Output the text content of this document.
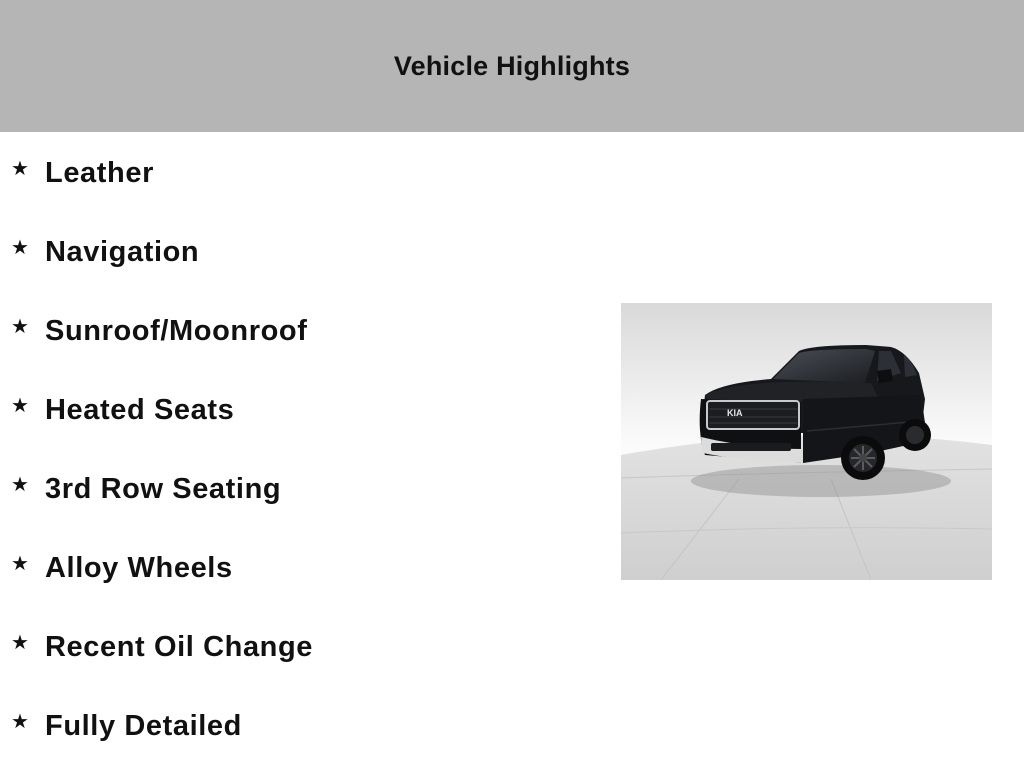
Vehicle Highlights
★ Leather
★ Navigation
★ Sunroof/Moonroof
★ Heated Seats
★ 3rd Row Seating
★ Alloy Wheels
★ Recent Oil Change
★ Fully Detailed
KIA
